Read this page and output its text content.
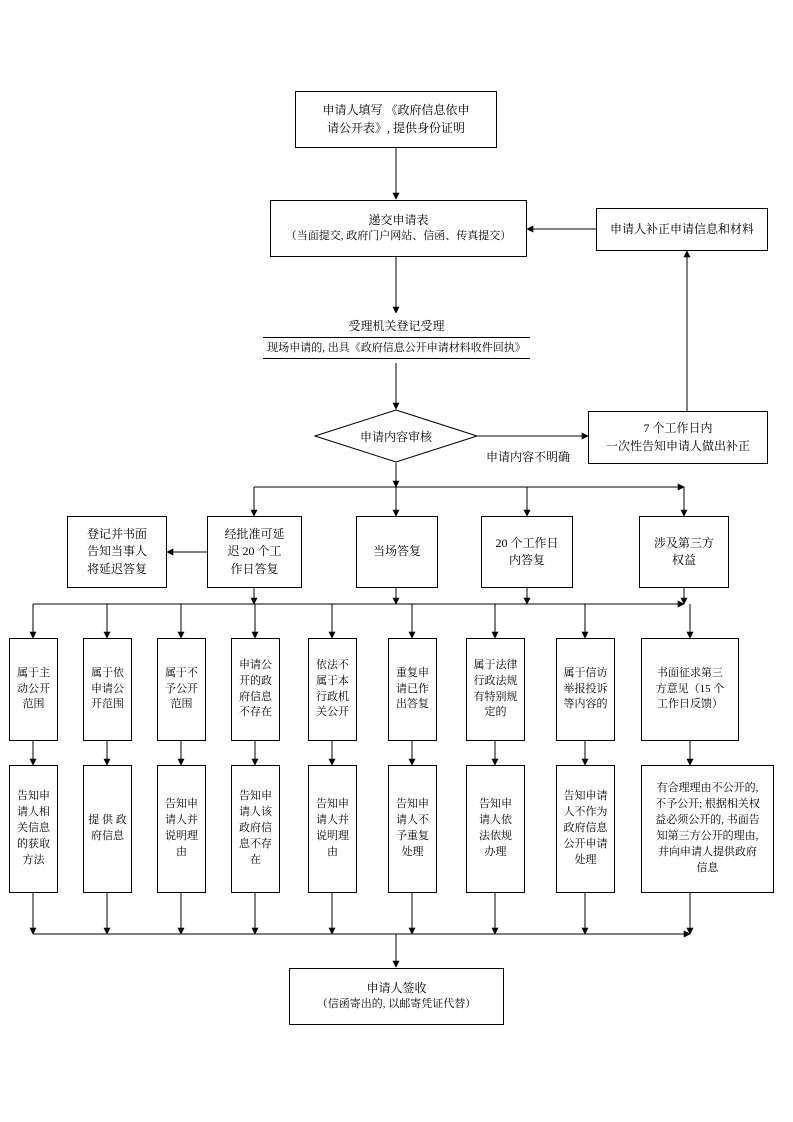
申请人填写 《政府信息依申
请公开表》, 提供身份证明
递交申请表
（当面提交, 政府门户网站、信函、传真提交）
申请人补正申请信息和材料
受理机关登记受理
现场申请的, 出具《政府信息公开申请材料收件回执》
申请内容审核
申请内容不明确
7 个工作日内
一次性告知申请人做出补正
登记并书面
告知当事人
将延迟答复
经批准可延
迟 20 个工
作日答复
当场答复
20 个工作日
内答复
涉及第三方
权益
属于主
动公开
范围
属于依
申请公
开范围
属于不
予公开
范围
申请公
开的政
府信息
不存在
依法不
属于本
行政机
关公开
重复申
请已作
出答复
属于法律
行政法规
有特别规
定的
属于信访
举报投诉
等内容的
书面征求第三
方意见（15 个
工作日反馈）
告知申
请人相
关信息
的获取
方法
提 供 政
府信息
告知申
请人并
说明理
由
告知申
请人该
政府信
息不存
在
告知申
请人并
说明理
由
告知申
请人不
予重复
处理
告知申
请人依
法依规
办理
告知申请
人不作为
政府信息
公开申请
处理
有合理理由不公开的,
不予公开; 根据相关权
益必须公开的, 书面告
知第三方公开的理由,
并向申请人提供政府
信息
申请人签收
（信函寄出的, 以邮寄凭证代替）
